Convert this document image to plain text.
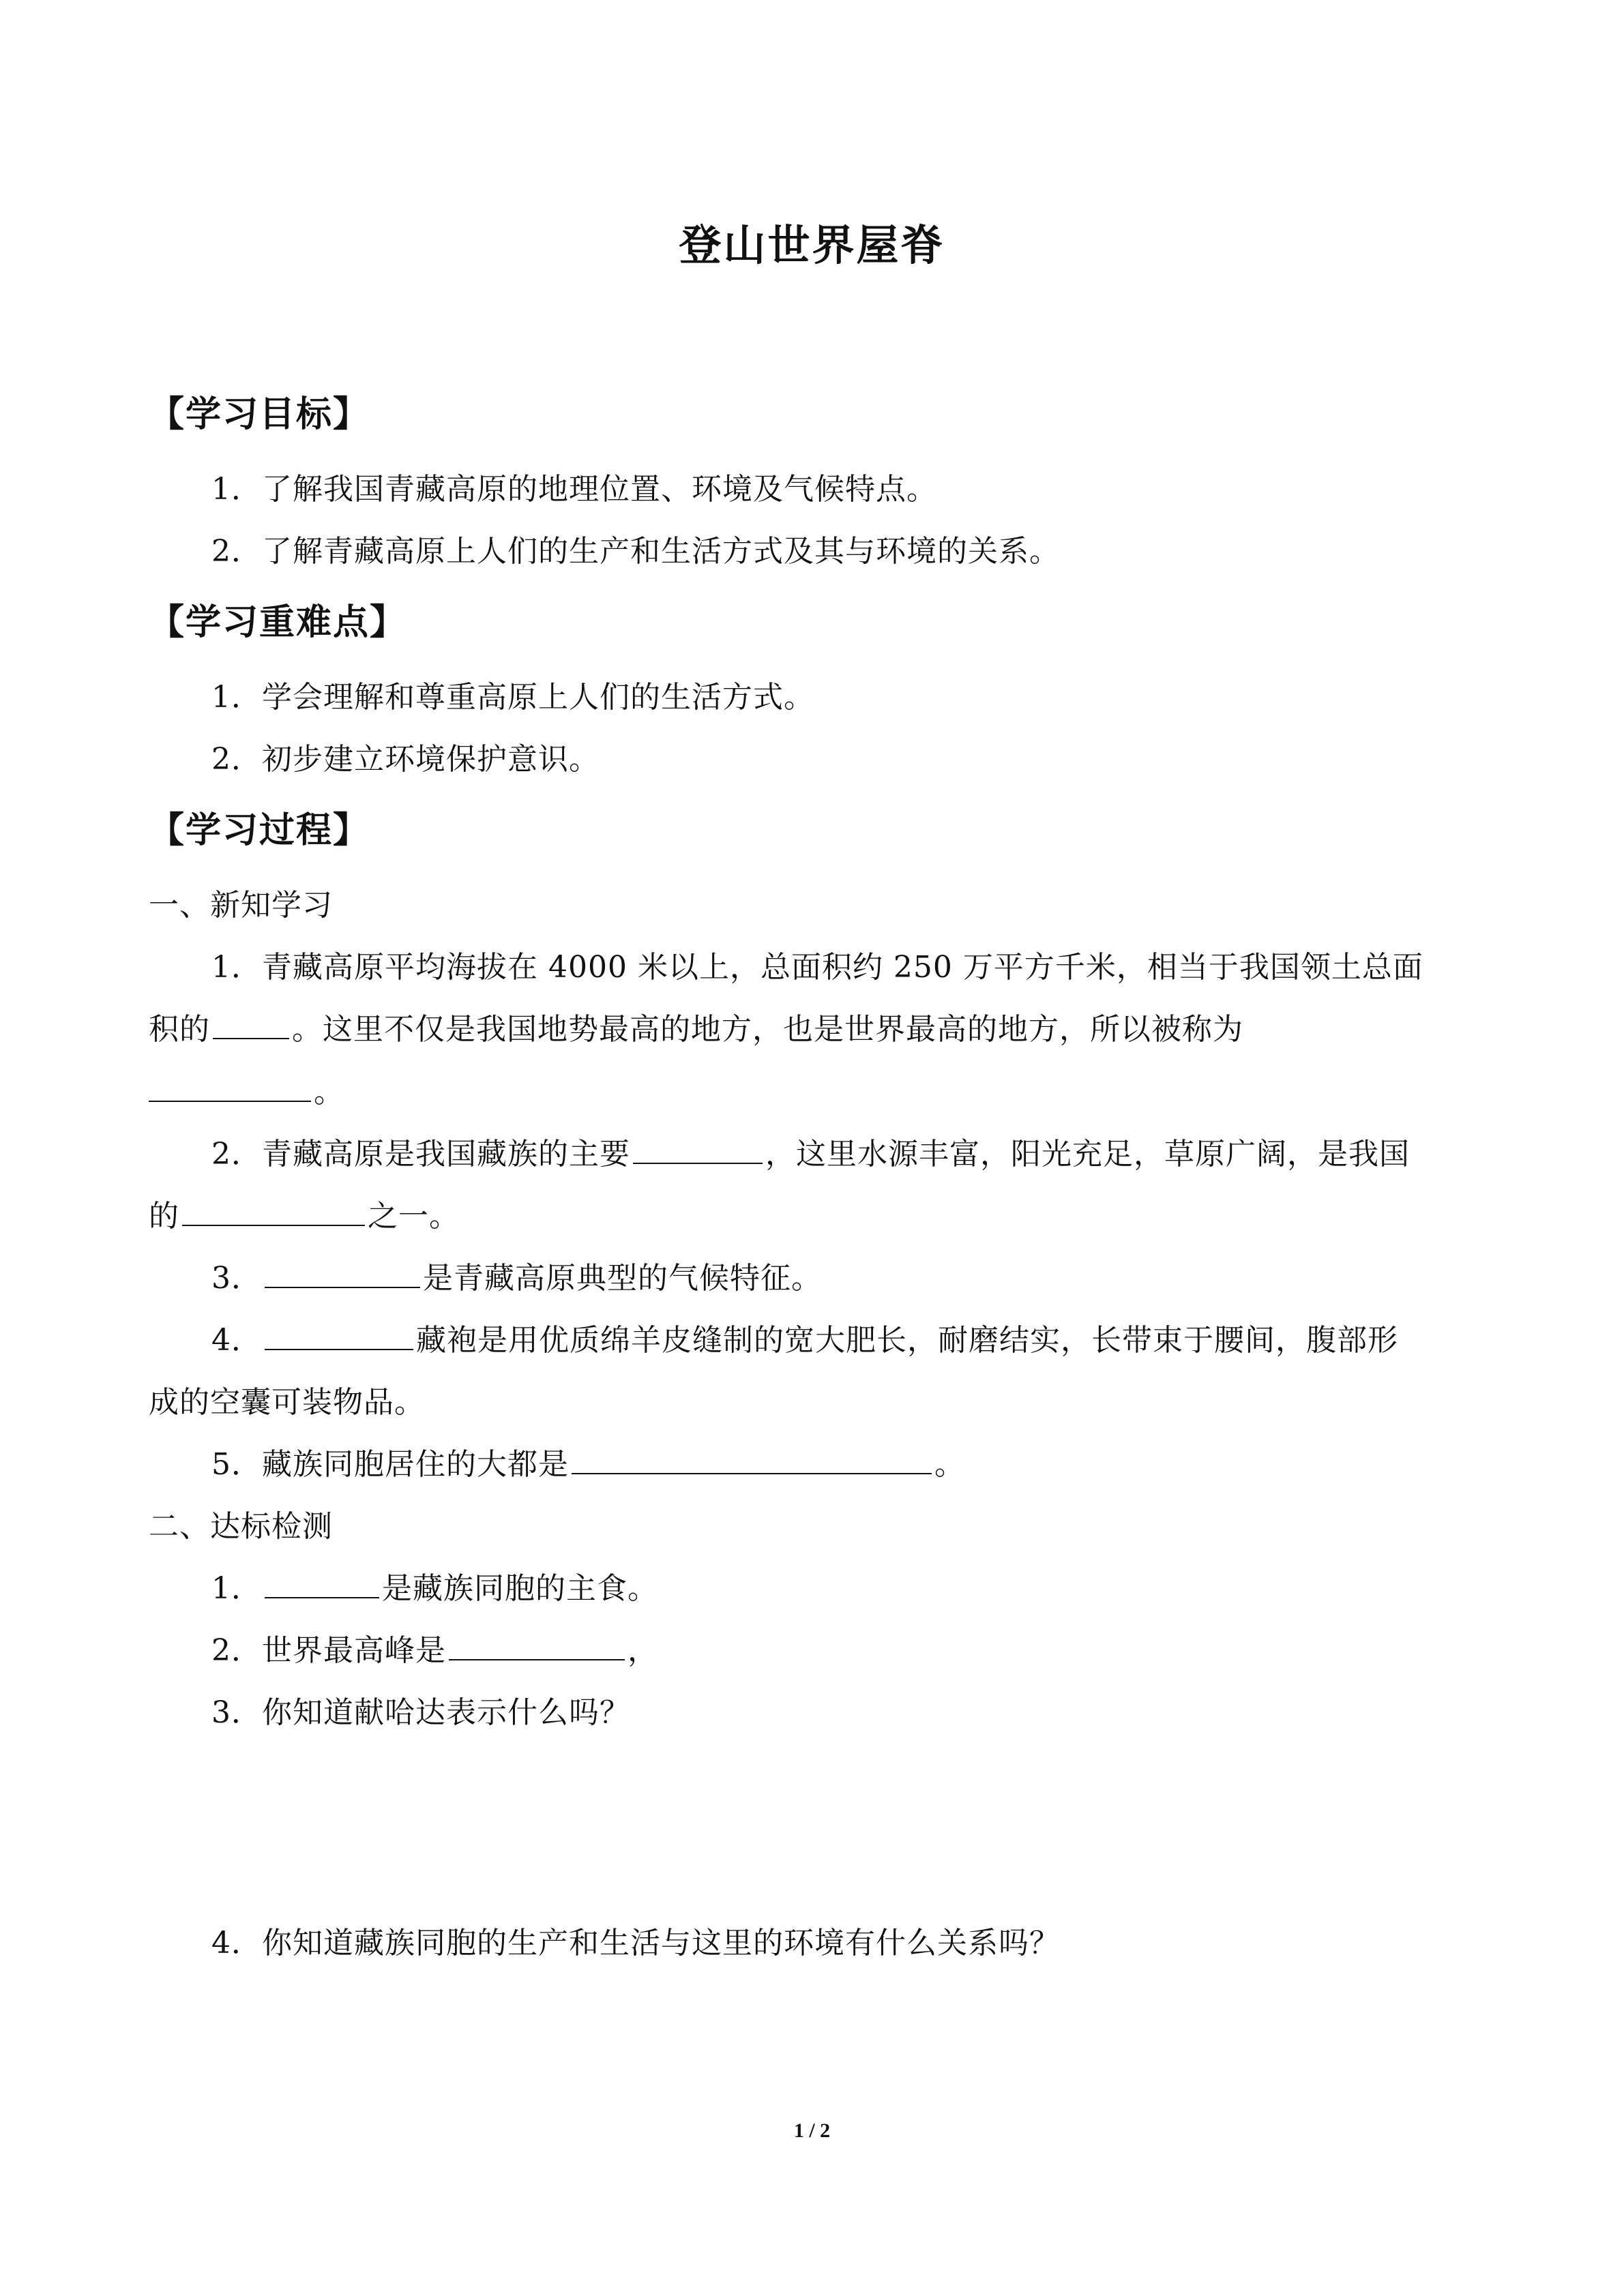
登山世界屋脊
【学习目标】
1．了解我国青藏高原的地理位置、环境及气候特点。
2．了解青藏高原上人们的生产和生活方式及其与环境的关系。
【学习重难点】
1．学会理解和尊重高原上人们的生活方式。
2．初步建立环境保护意识。
【学习过程】
一、新知学习
1．青藏高原平均海拔在 4000 米以上，总面积约 250 万平方千米，相当于我国领土总面
积的	。这里不仅是我国地势最高的地方，也是世界最高的地方，所以被称为
。
2．青藏高原是我国藏族的主要	，这里水源丰富，阳光充足，草原广阔，是我国
的	之一。
3．	是青藏高原典型的气候特征。
4．	藏袍是用优质绵羊皮缝制的宽大肥长，耐磨结实，长带束于腰间，腹部形
成的空囊可装物品。
5．藏族同胞居住的大都是	。
二、达标检测
1．	是藏族同胞的主食。
2．世界最高峰是	，
3．你知道献哈达表示什么吗？
4．你知道藏族同胞的生产和生活与这里的环境有什么关系吗？
1 / 2
